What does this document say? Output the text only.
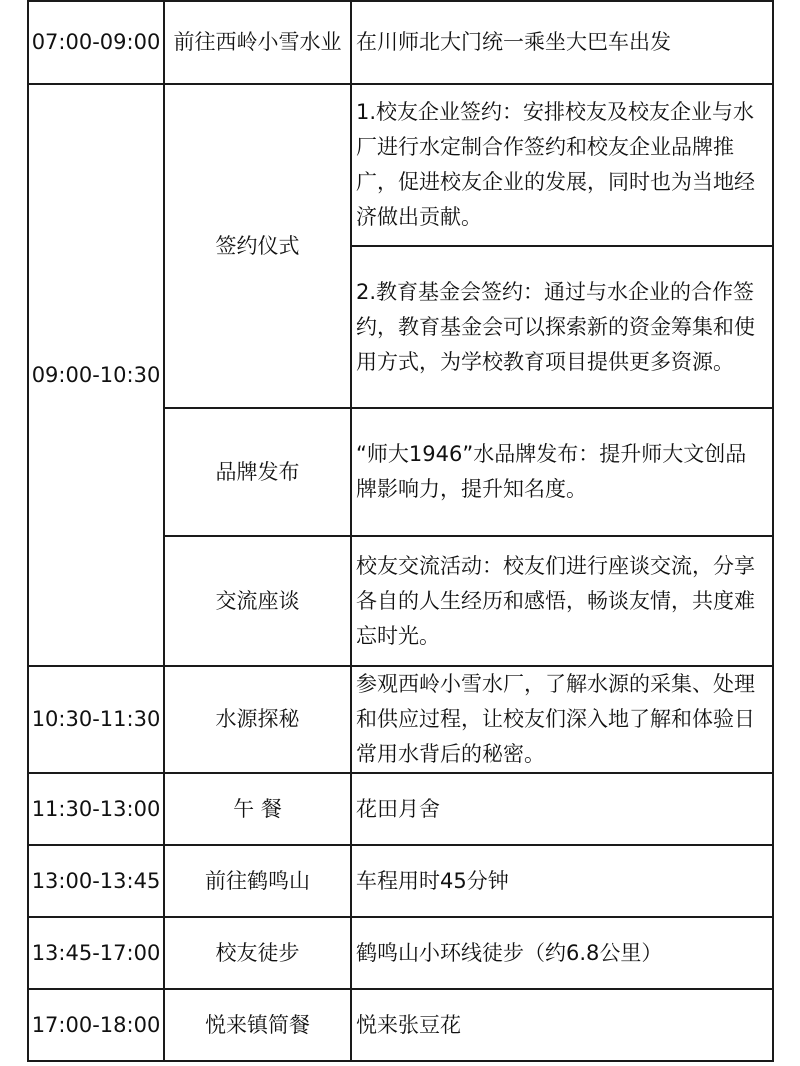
07:00-09:00	前往西岭小雪水业	在川师北大门统一乘坐大巴车出发
09:00-10:30	签约仪式	1.校友企业签约：安排校友及校友企业与水厂进行水定制合作签约和校友企业品牌推广，促进校友企业的发展，同时也为当地经济做出贡献。
		2.教育基金会签约：通过与水企业的合作签约，教育基金会可以探索新的资金筹集和使用方式，为学校教育项目提供更多资源。
	品牌发布	“师大1946”水品牌发布：提升师大文创品牌影响力，提升知名度。
	交流座谈	校友交流活动：校友们进行座谈交流，分享各自的人生经历和感悟，畅谈友情，共度难忘时光。
10:30-11:30	水源探秘	参观西岭小雪水厂，了解水源的采集、处理和供应过程，让校友们深入地了解和体验日常用水背后的秘密。
11:30-13:00	午 餐	花田月舍
13:00-13:45	前往鹤鸣山	车程用时45分钟
13:45-17:00	校友徒步	鹤鸣山小环线徒步（约6.8公里）
17:00-18:00	悦来镇简餐	悦来张豆花
